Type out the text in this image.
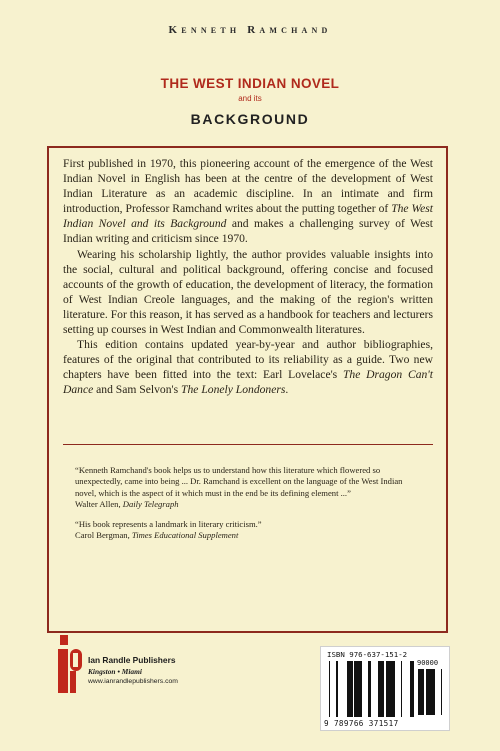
Kenneth Ramchand
THE WEST INDIAN NOVEL
and its
BACKGROUND

First published in 1970, this pioneering account of the emergence of the West Indian Novel in English has been at the centre of the development of West Indian Literature as an academic discipline. In an intimate and firm introduction, Professor Ramchand writes about the putting together of The West Indian Novel and its Background and makes a challenging survey of West Indian writing and criticism since 1970.

Wearing his scholarship lightly, the author provides valuable insights into the social, cultural and political background, offering concise and focused accounts of the growth of education, the development of literacy, the formation of West Indian Creole languages, and the making of the region's written literature. For this reason, it has served as a handbook for teachers and lecturers setting up courses in West Indian and Commonwealth literatures.

This edition contains updated year-by-year and author bibliographies, features of the original that contributed to its reliability as a guide. Two new chapters have been fitted into the text: Earl Lovelace's The Dragon Can't Dance and Sam Selvon's The Lonely Londoners.

“Kenneth Ramchand's book helps us to understand how this literature which flowered so unexpectedly, came into being ... Dr. Ramchand is excellent on the language of the West Indian novel, which is the aspect of it which must in the end be its defining element ...”
Walter Allen, Daily Telegraph
“His book represents a landmark in literary criticism.”
Carol Bergman, Times Educational Supplement
Ian Randle Publishers
Kingston • Miami
www.ianrandlepublishers.com
ISBN 976-637-151-2
90000
9 789766 371517
